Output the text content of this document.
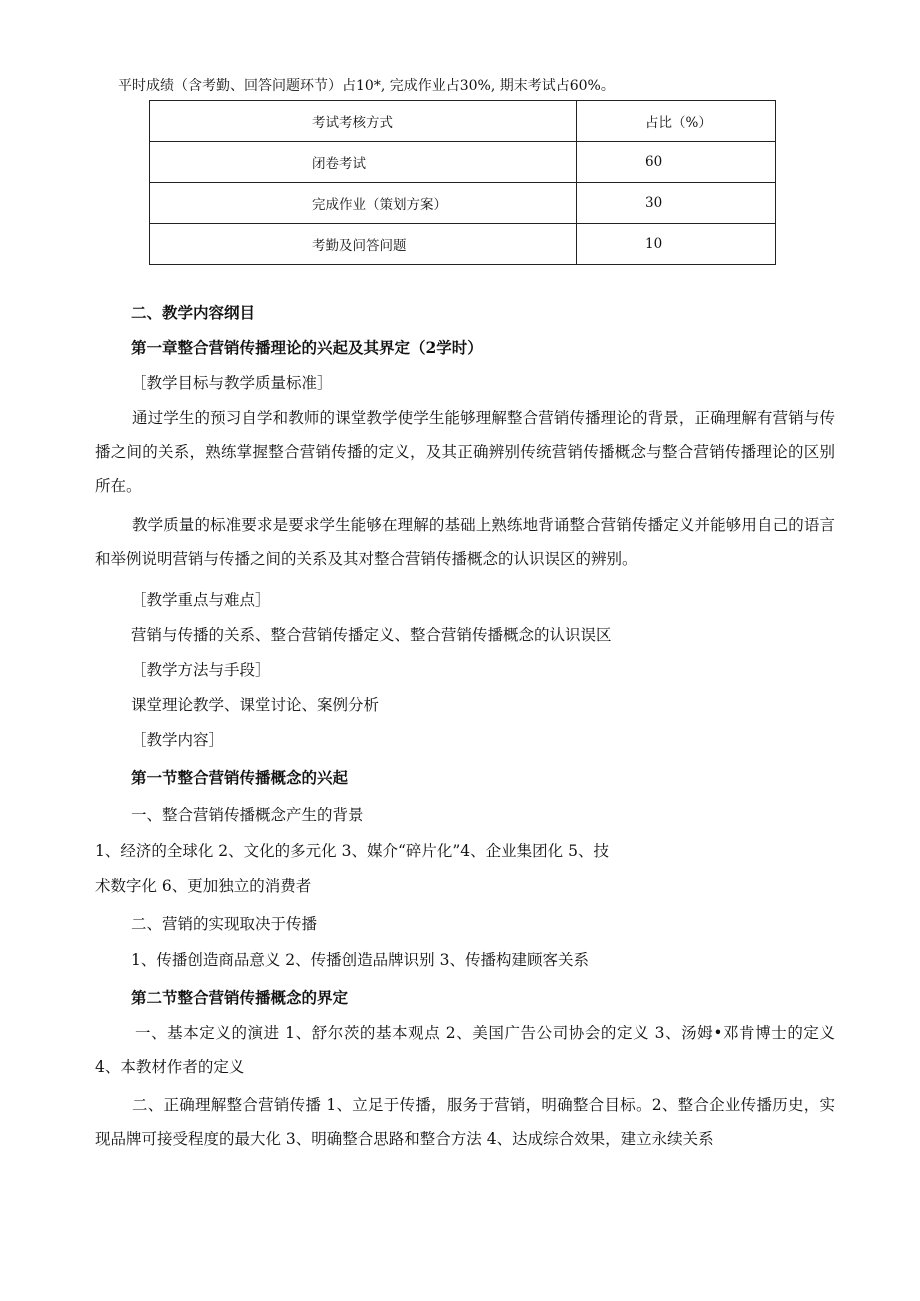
平时成绩（含考勤、回答问题环节）占10*, 完成作业占30%, 期末考试占60%。
考试考核方式	占比（%）
闭卷考试	60
完成作业（策划方案）	30
考勤及问答问题	10

二、教学内容纲目

第一章整合营销传播理论的兴起及其界定（2学时）

［教学目标与教学质量标准］

通过学生的预习自学和教师的课堂教学使学生能够理解整合营销传播理论的背景，正确理解有营销与传播之间的关系，熟练掌握整合营销传播的定义，及其正确辨别传统营销传播概念与整合营销传播理论的区别所在。

教学质量的标准要求是要求学生能够在理解的基础上熟练地背诵整合营销传播定义并能够用自己的语言和举例说明营销与传播之间的关系及其对整合营销传播概念的认识误区的辨别。

［教学重点与难点］

营销与传播的关系、整合营销传播定义、整合营销传播概念的认识误区

［教学方法与手段］

课堂理论教学、课堂讨论、案例分析

［教学内容］

第一节整合营销传播概念的兴起

一、整合营销传播概念产生的背景

1、经济的全球化 2、文化的多元化 3、媒介“碎片化”4、企业集团化 5、技

术数字化 6、更加独立的消费者

二、营销的实现取决于传播

1、传播创造商品意义 2、传播创造品牌识别 3、传播构建顾客关系

第二节整合营销传播概念的界定

一、基本定义的演进 1、舒尔茨的基本观点 2、美国广告公司协会的定义 3、汤姆•邓肯博士的定义 4、本教材作者的定义

二、正确理解整合营销传播 1、立足于传播，服务于营销，明确整合目标。2、整合企业传播历史，实现品牌可接受程度的最大化 3、明确整合思路和整合方法 4、达成综合效果，建立永续关系
